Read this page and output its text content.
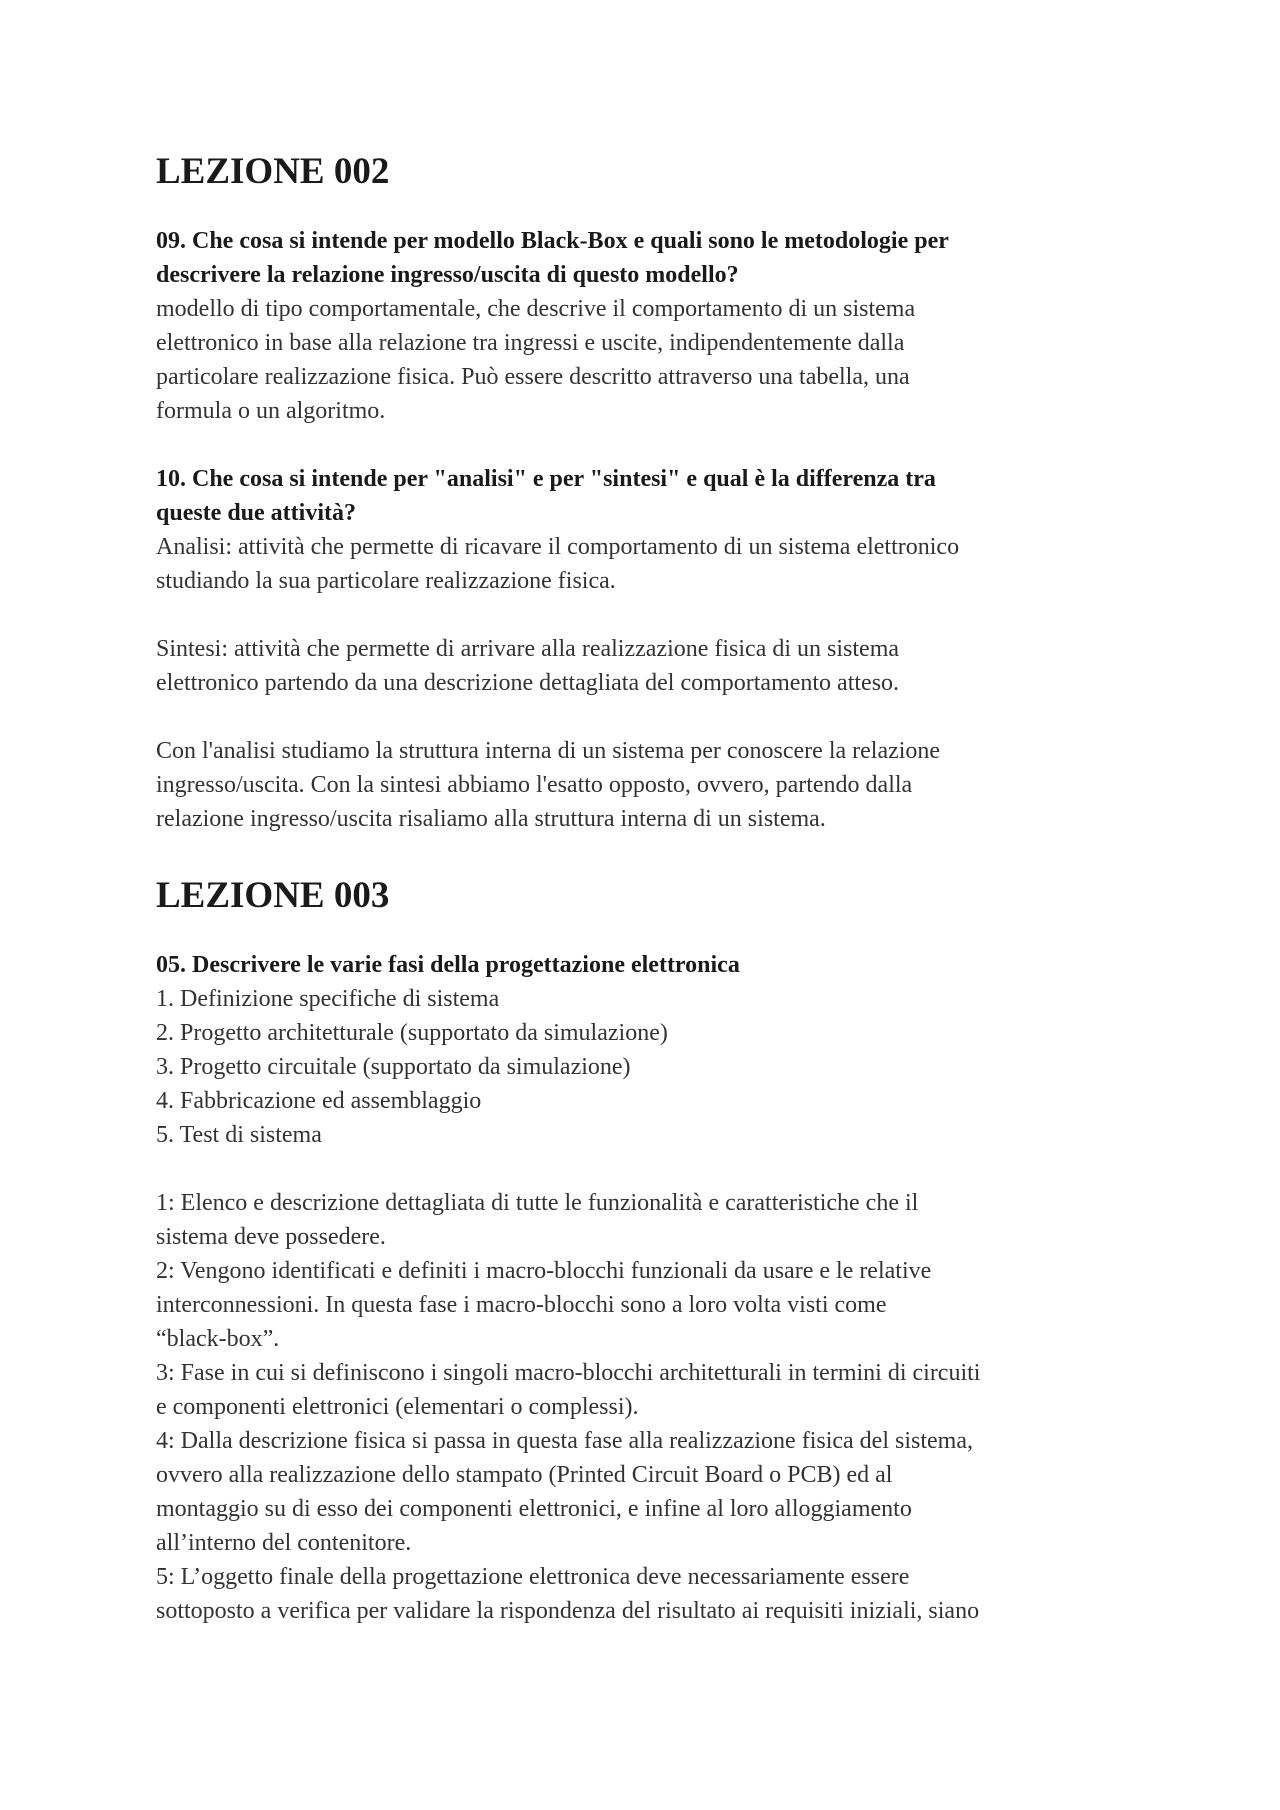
LEZIONE 002

09. Che cosa si intende per modello Black-Box e quali sono le metodologie per
descrivere la relazione ingresso/uscita di questo modello?

modello di tipo comportamentale, che descrive il comportamento di un sistema
elettronico in base alla relazione tra ingressi e uscite, indipendentemente dalla
particolare realizzazione fisica. Può essere descritto attraverso una tabella, una
formula o un algoritmo.

10. Che cosa si intende per "analisi" e per "sintesi" e qual è la differenza tra
queste due attività?

Analisi: attività che permette di ricavare il comportamento di un sistema elettronico
studiando la sua particolare realizzazione fisica.

Sintesi: attività che permette di arrivare alla realizzazione fisica di un sistema
elettronico partendo da una descrizione dettagliata del comportamento atteso.

Con l'analisi studiamo la struttura interna di un sistema per conoscere la relazione
ingresso/uscita. Con la sintesi abbiamo l'esatto opposto, ovvero, partendo dalla
relazione ingresso/uscita risaliamo alla struttura interna di un sistema.

LEZIONE 003

05. Descrivere le varie fasi della progettazione elettronica

1. Definizione specifiche di sistema
2. Progetto architetturale (supportato da simulazione)
3. Progetto circuitale (supportato da simulazione)
4. Fabbricazione ed assemblaggio
5. Test di sistema

1: Elenco e descrizione dettagliata di tutte le funzionalità e caratteristiche che il
sistema deve possedere.
2: Vengono identificati e definiti i macro-blocchi funzionali da usare e le relative
interconnessioni. In questa fase i macro-blocchi sono a loro volta visti come
“black-box”.
3: Fase in cui si definiscono i singoli macro-blocchi architetturali in termini di circuiti
e componenti elettronici (elementari o complessi).
4: Dalla descrizione fisica si passa in questa fase alla realizzazione fisica del sistema,
ovvero alla realizzazione dello stampato (Printed Circuit Board o PCB) ed al
montaggio su di esso dei componenti elettronici, e infine al loro alloggiamento
all’interno del contenitore.
5: L’oggetto finale della progettazione elettronica deve necessariamente essere
sottoposto a verifica per validare la rispondenza del risultato ai requisiti iniziali, siano
